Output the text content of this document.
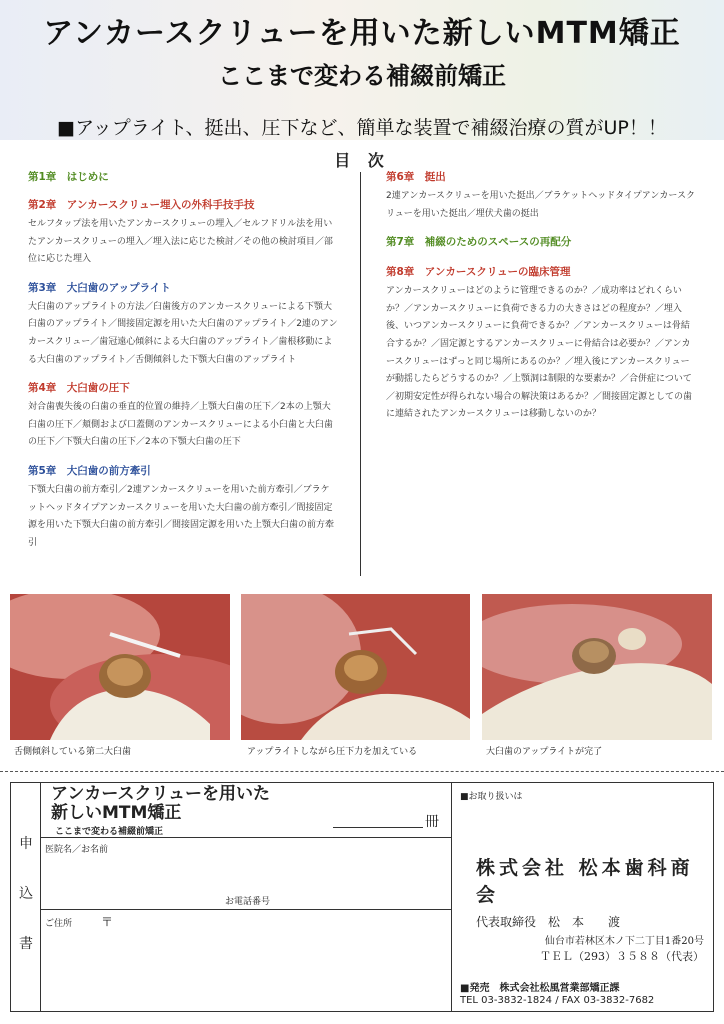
アンカースクリューを用いた新しいMTM矯正
ここまで変わる補綴前矯正
■アップライト、挺出、圧下など、簡単な装置で補綴治療の質がUP！！
目 次
第1章　はじめに
第2章　アンカースクリュー埋入の外科手技手技

セルフタップ法を用いたアンカースクリューの埋入／セルフドリル法を用いたアンカースクリューの埋入／埋入法に応じた検討／その他の検討項目／部位に応じた埋入

第3章　大臼歯のアップライト

大臼歯のアップライトの方法／臼歯後方のアンカースクリューによる下顎大臼歯のアップライト／間接固定源を用いた大臼歯のアップライト／2連のアンカースクリュー／歯冠遠心傾斜による大臼歯のアップライト／歯根移動による大臼歯のアップライト／舌側傾斜した下顎大臼歯のアップライト

第4章　大臼歯の圧下

対合歯喪失後の臼歯の垂直的位置の維持／上顎大臼歯の圧下／2本の上顎大臼歯の圧下／頬側および口蓋側のアンカースクリューによる小臼歯と大臼歯の圧下／下顎大臼歯の圧下／2本の下顎大臼歯の圧下

第5章　大臼歯の前方牽引

下顎大臼歯の前方牽引／2連アンカースクリューを用いた前方牽引／ブラケットヘッドタイプアンカースクリューを用いた大臼歯の前方牽引／間接固定源を用いた下顎大臼歯の前方牽引／間接固定源を用いた上顎大臼歯の前方牽引

第6章　挺出

2連アンカースクリューを用いた挺出／ブラケットヘッドタイプアンカースクリューを用いた挺出／埋伏犬歯の挺出

第7章　補綴のためのスペースの再配分
第8章　アンカースクリューの臨床管理

アンカースクリューはどのように管理できるのか？／成功率はどれくらいか？／アンカースクリューに負荷できる力の大きさはどの程度か？／埋入後、いつアンカースクリューに負荷できるか？／アンカースクリューは骨結合するか？／固定源とするアンカースクリューに骨結合は必要か？／アンカースクリューはずっと同じ場所にあるのか？／埋入後にアンカースクリューが動揺したらどうするのか？／上顎洞は制限的な要素か？／合併症について／初期安定性が得られない場合の解決策はあるか？／間接固定源としての歯に連結されたアンカースクリューは移動しないのか？

舌側傾斜している第二大臼歯	アップライトしながら圧下力を加えている	大臼歯のアップライトが完了
申
込
書
アンカースクリューを用いた
新しいMTM矯正
ここまで変わる補綴前矯正
冊
医院名／お名前
お電話番号
ご住所 〒
■お取り扱いは
株式会社 松本歯科商会
代表取締役　松　本　　渡
仙台市若林区木ノ下二丁目1番20号
ＴＥＬ（293）３５８８（代表）
■発売　株式会社松風営業部矯正課
TEL 03-3832-1824 / FAX 03-3832-7682
